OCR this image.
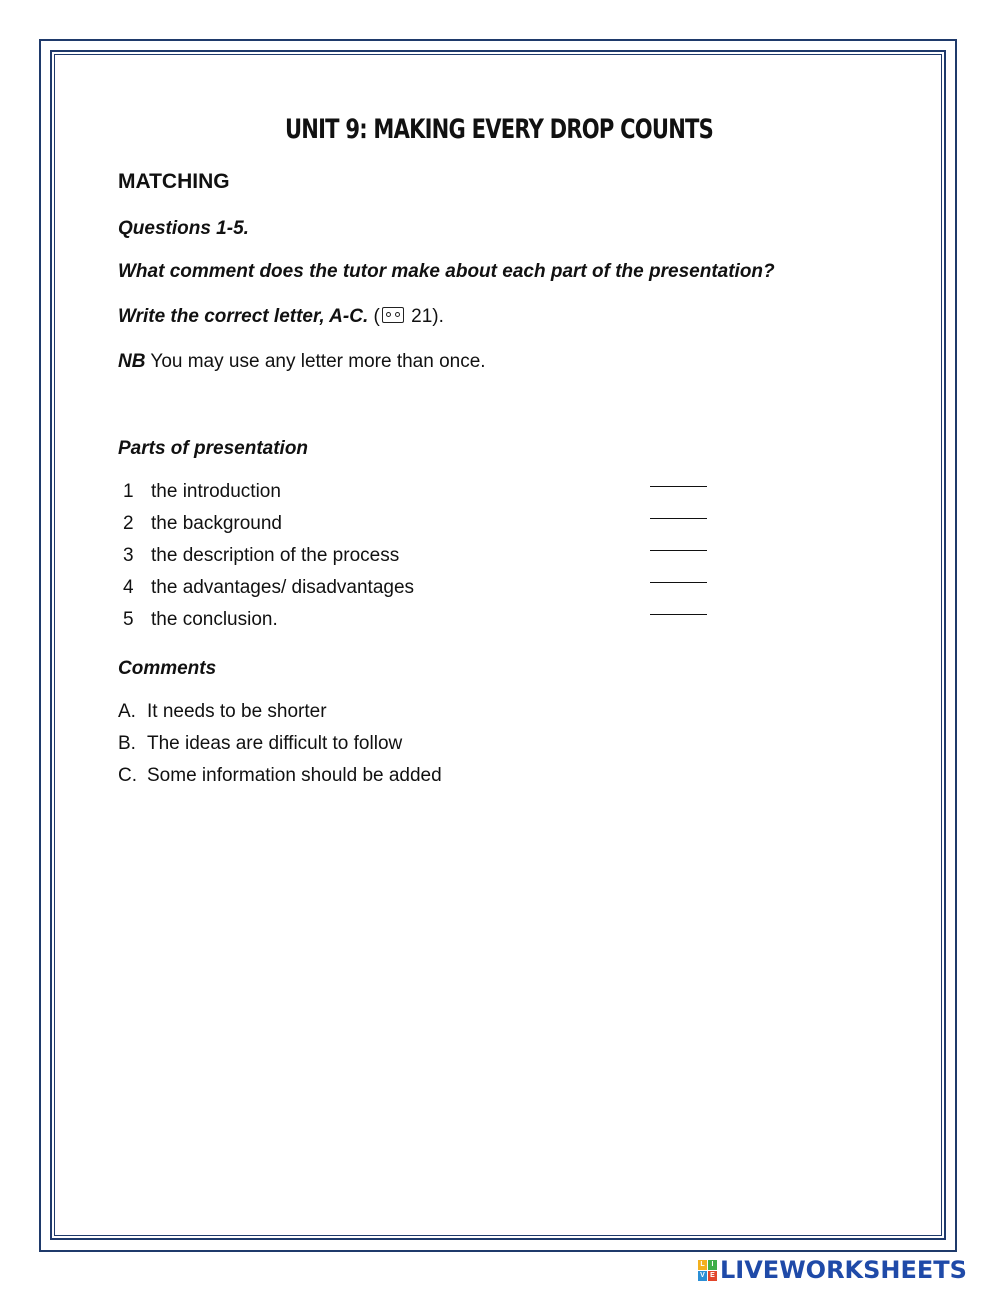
UNIT 9: MAKING EVERY DROP COUNTS
MATCHING
Questions 1-5.
What comment does the tutor make about each part of the presentation?
Write the correct letter, A-C. ( 21).
NB You may use any letter more than once.
Parts of presentation
1 the introduction
2 the background
3 the description of the process
4 the advantages/ disadvantages
5 the conclusion.
Comments
A. It needs to be shorter
B. The ideas are difficult to follow
C. Some information should be added
L I
V E LIVEWORKSHEETS
